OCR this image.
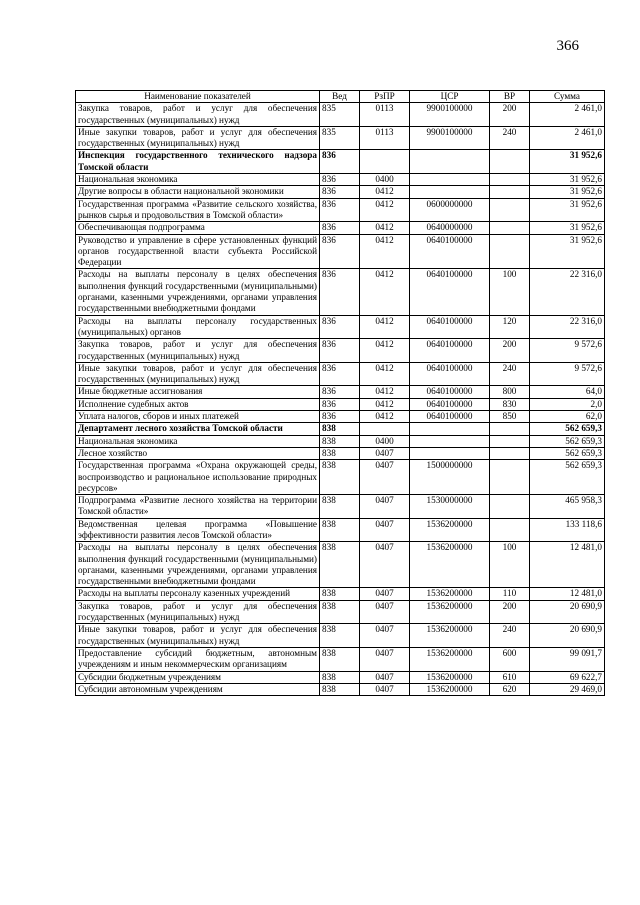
366
Наименование показателей	Вед	РзПР	ЦСР	ВР	Сумма
Закупка товаров, работ и услуг для обеспечения государственных (муниципальных) нужд	835	0113	9900100000	200	2 461,0
Иные закупки товаров, работ и услуг для обеспечения государственных (муниципальных) нужд	835	0113	9900100000	240	2 461,0
Инспекция государственного технического надзора Томской области	836				31 952,6
Национальная экономика	836	0400			31 952,6
Другие вопросы в области национальной экономики	836	0412			31 952,6
Государственная программа «Развитие сельского хозяйства, рынков сырья и продовольствия в Томской области»	836	0412	0600000000		31 952,6
Обеспечивающая подпрограмма	836	0412	0640000000		31 952,6
Руководство и управление в сфере установленных функций органов государственной власти субъекта Российской Федерации	836	0412	0640100000		31 952,6
Расходы на выплаты персоналу в целях обеспечения выполнения функций государственными (муниципальными) органами, казенными учреждениями, органами управления государственными внебюджетными фондами	836	0412	0640100000	100	22 316,0
Расходы на выплаты персоналу государственных (муниципальных) органов	836	0412	0640100000	120	22 316,0
Закупка товаров, работ и услуг для обеспечения государственных (муниципальных) нужд	836	0412	0640100000	200	9 572,6
Иные закупки товаров, работ и услуг для обеспечения государственных (муниципальных) нужд	836	0412	0640100000	240	9 572,6
Иные бюджетные ассигнования	836	0412	0640100000	800	64,0
Исполнение судебных актов	836	0412	0640100000	830	2,0
Уплата налогов, сборов и иных платежей	836	0412	0640100000	850	62,0
Департамент лесного хозяйства Томской области	838				562 659,3
Национальная экономика	838	0400			562 659,3
Лесное хозяйство	838	0407			562 659,3
Государственная программа «Охрана окружающей среды, воспроизводство и рациональное использование природных ресурсов»	838	0407	1500000000		562 659,3
Подпрограмма «Развитие лесного хозяйства на территории Томской области»	838	0407	1530000000		465 958,3
Ведомственная целевая программа «Повышение эффективности развития лесов Томской области»	838	0407	1536200000		133 118,6
Расходы на выплаты персоналу в целях обеспечения выполнения функций государственными (муниципальными) органами, казенными учреждениями, органами управления государственными внебюджетными фондами	838	0407	1536200000	100	12 481,0
Расходы на выплаты персоналу казенных учреждений	838	0407	1536200000	110	12 481,0
Закупка товаров, работ и услуг для обеспечения государственных (муниципальных) нужд	838	0407	1536200000	200	20 690,9
Иные закупки товаров, работ и услуг для обеспечения государственных (муниципальных) нужд	838	0407	1536200000	240	20 690,9
Предоставление субсидий бюджетным, автономным учреждениям и иным некоммерческим организациям	838	0407	1536200000	600	99 091,7
Субсидии бюджетным учреждениям	838	0407	1536200000	610	69 622,7
Субсидии автономным учреждениям	838	0407	1536200000	620	29 469,0
